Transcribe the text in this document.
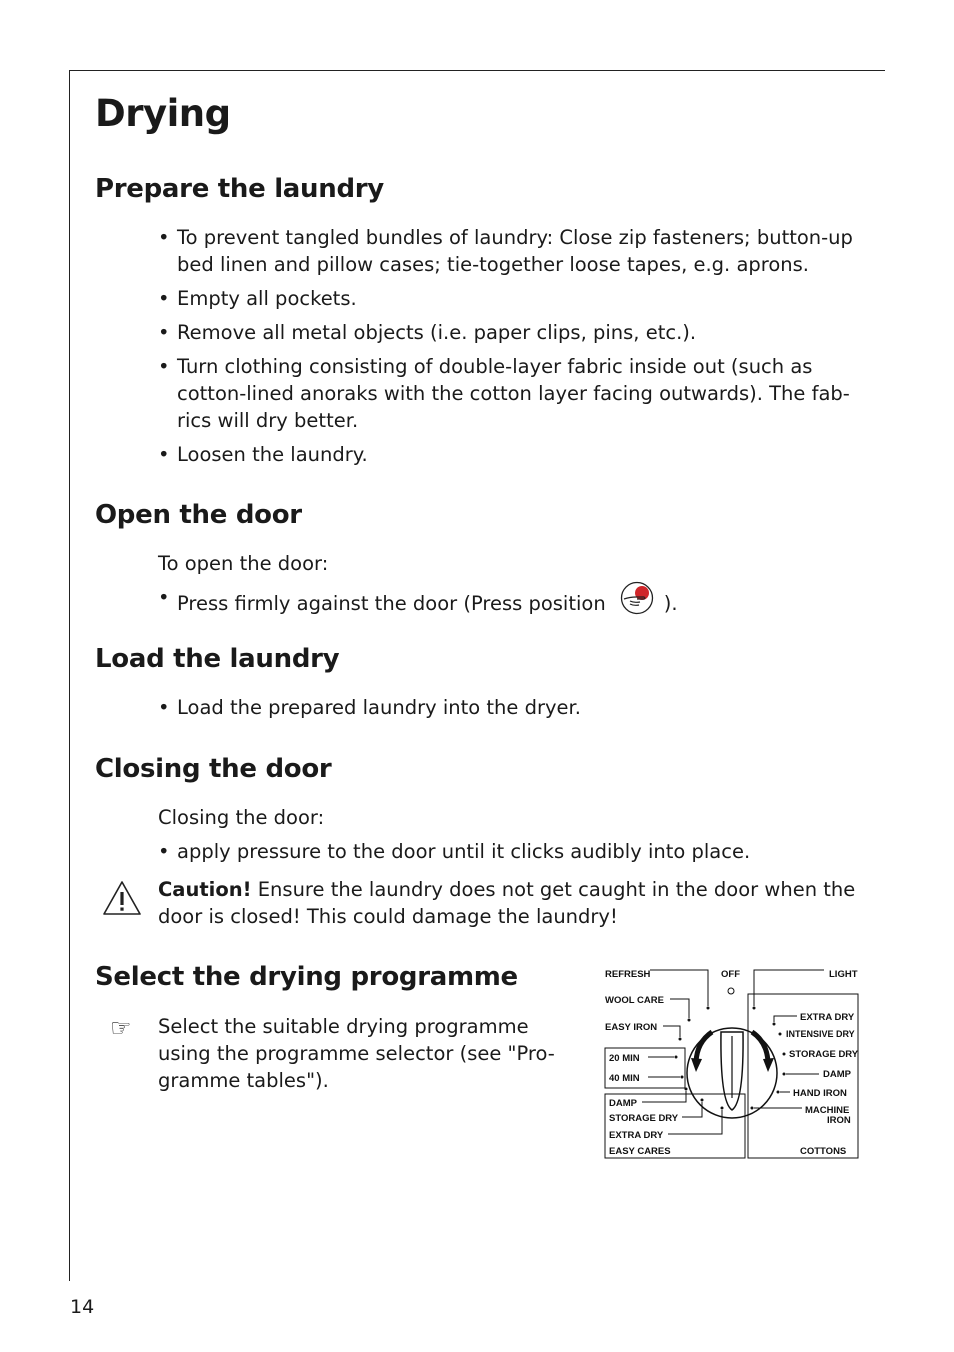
Drying
Prepare the laundry
• To prevent tangled bundles of laundry: Close zip fasteners; button-up bed linen and pillow cases; tie-together loose tapes, e.g. aprons.
• Empty all pockets.
• Remove all metal objects (i.e. paper clips, pins, etc.).
• Turn clothing consisting of double-layer fabric inside out (such as cotton-lined anoraks with the cotton layer facing outwards). The fab-rics will dry better.
• Loosen the laundry.
Open the door

To open the door:

• Press firmly against the door (Press position	).
Load the laundry
• Load the prepared laundry into the dryer.
Closing the door

Closing the door:

• apply pressure to the door until it clicks audibly into place.

Caution! Ensure the laundry does not get caught in the door when the door is closed! This could damage the laundry!

Select the drying programme
☞ Select the suitable drying programme using the programme selector (see "Pro-gramme tables").

REFRESH	OFF	LIGHT
WOOL CARE
EASY IRON
20 MIN
40 MIN
DAMP
STORAGE DRY
EXTRA DRY
EASY CARES
EXTRA DRY
INTENSIVE DRY
STORAGE DRY
DAMP
HAND IRON
MACHINE
IRON
COTTONS
14
